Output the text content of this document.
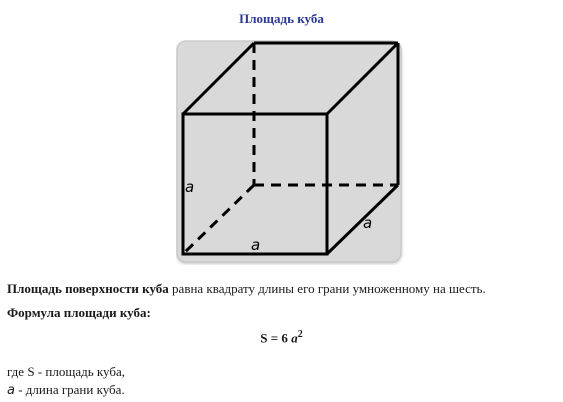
Площадь куба
a
a
a
Площадь поверхности куба равна квадрату длины его грани умноженному на шесть.
Формула площади куба:
S = 6 $a^2$
где S - площадь куба,
a - длина грани куба.
